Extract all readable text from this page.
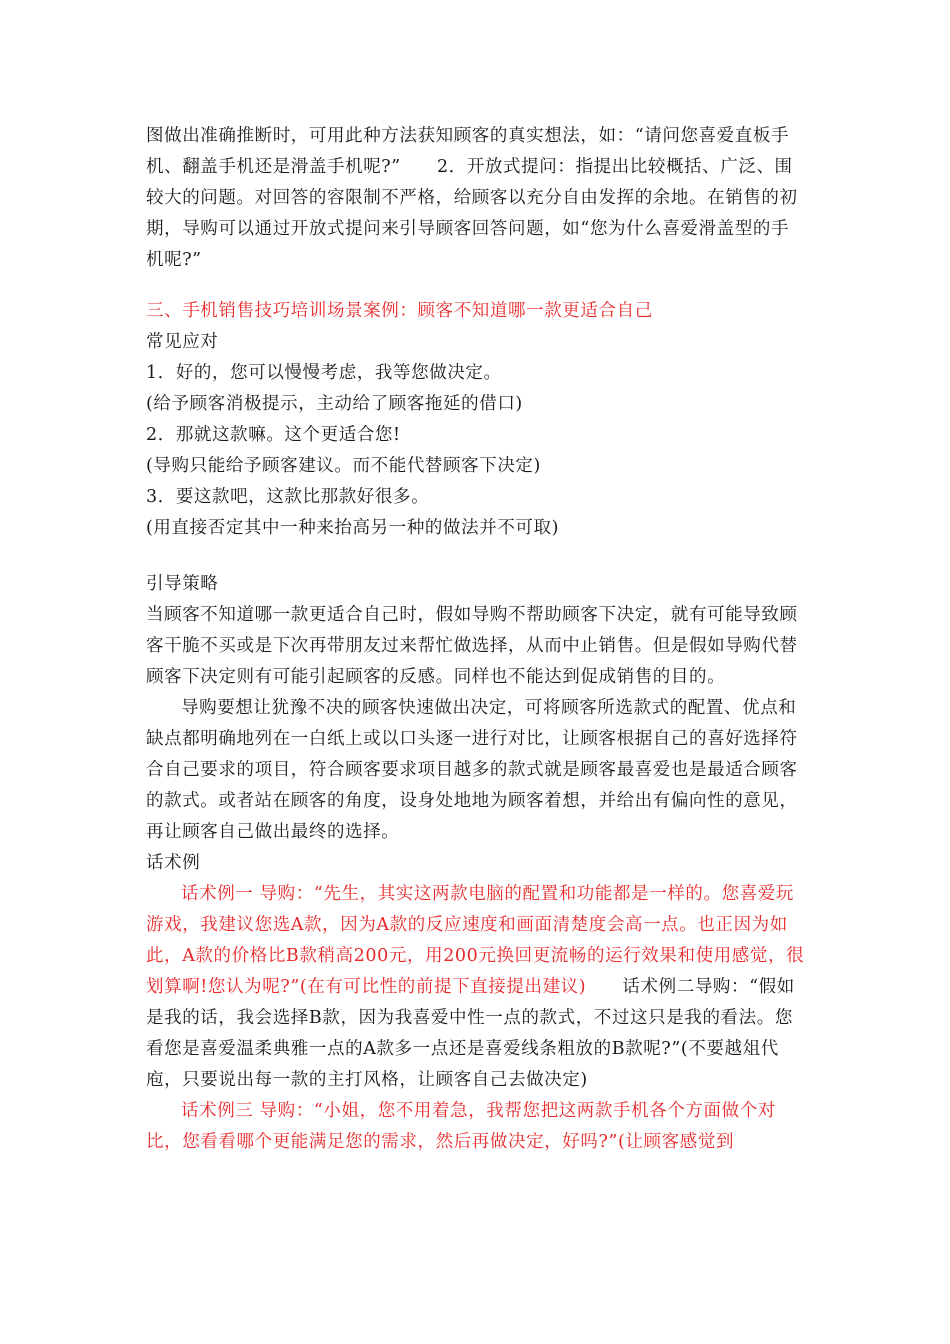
图做出准确推断时，可用此种方法获知顾客的真实想法，如：“请问您喜爱直板手机、翻盖手机还是滑盖手机呢?”　　2．开放式提问：指提出比较概括、广泛、围较大的问题。对回答的容限制不严格，给顾客以充分自由发挥的余地。在销售的初期，导购可以通过开放式提问来引导顾客回答问题，如“您为什么喜爱滑盖型的手机呢?”

三、手机销售技巧培训场景案例：顾客不知道哪一款更适合自己

常见应对

1．好的，您可以慢慢考虑，我等您做决定。

(给予顾客消极提示，主动给了顾客拖延的借口)

2．那就这款嘛。这个更适合您!

(导购只能给予顾客建议。而不能代替顾客下决定)

3．要这款吧，这款比那款好很多。

(用直接否定其中一种来抬高另一种的做法并不可取)

引导策略

当顾客不知道哪一款更适合自己时，假如导购不帮助顾客下决定，就有可能导致顾客干脆不买或是下次再带朋友过来帮忙做选择，从而中止销售。但是假如导购代替顾客下决定则有可能引起顾客的反感。同样也不能达到促成销售的目的。

导购要想让犹豫不决的顾客快速做出决定，可将顾客所选款式的配置、优点和缺点都明确地列在一白纸上或以口头逐一进行对比，让顾客根据自己的喜好选择符合自己要求的项目，符合顾客要求项目越多的款式就是顾客最喜爱也是最适合顾客的款式。或者站在顾客的角度，设身处地地为顾客着想，并给出有偏向性的意见，再让顾客自己做出最终的选择。

话术例

话术例一 导购：“先生，其实这两款电脑的配置和功能都是一样的。您喜爱玩游戏，我建议您选A款，因为A款的反应速度和画面清楚度会高一点。也正因为如此，A款的价格比B款稍高200元，用200元换回更流畅的运行效果和使用感觉，很划算啊!您认为呢?”(在有可比性的前提下直接提出建议)　　话术例二导购：“假如是我的话，我会选择B款，因为我喜爱中性一点的款式，不过这只是我的看法。您看您是喜爱温柔典雅一点的A款多一点还是喜爱线条粗放的B款呢?”(不要越俎代庖，只要说出每一款的主打风格，让顾客自己去做决定)

话术例三 导购：“小姐，您不用着急，我帮您把这两款手机各个方面做个对比，您看看哪个更能满足您的需求，然后再做决定，好吗?”(让顾客感觉到
